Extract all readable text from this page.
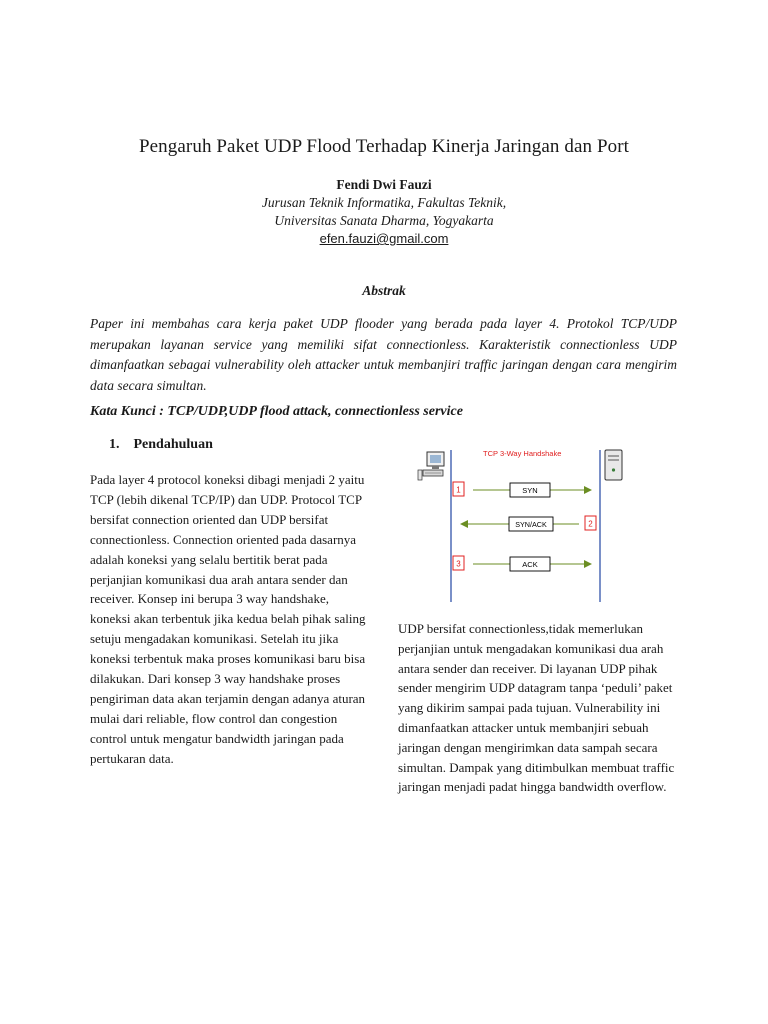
Pengaruh Paket UDP Flood Terhadap Kinerja Jaringan dan Port
Fendi Dwi Fauzi
Jurusan Teknik Informatika, Fakultas Teknik,
Universitas Sanata Dharma, Yogyakarta
efen.fauzi@gmail.com
Abstrak
Paper ini membahas cara kerja paket UDP flooder yang berada pada layer 4. Protokol TCP/UDP merupakan layanan service yang memiliki sifat connectionless. Karakteristik connectionless UDP dimanfaatkan sebagai vulnerability oleh attacker untuk membanjiri traffic jaringan dengan cara mengirim data secara simultan.
Kata Kunci : TCP/UDP,UDP flood attack, connectionless service
1. Pendahuluan

Pada layer 4 protocol koneksi dibagi menjadi 2 yaitu TCP (lebih dikenal TCP/IP) dan UDP. Protocol TCP bersifat connection oriented dan UDP bersifat connectionless. Connection oriented pada dasarnya adalah koneksi yang selalu bertitik berat pada perjanjian komunikasi dua arah antara sender dan receiver. Konsep ini berupa 3 way handshake, koneksi akan terbentuk jika kedua belah pihak saling setuju mengadakan komunikasi. Setelah itu jika koneksi terbentuk maka proses komunikasi baru bisa dilakukan. Dari konsep 3 way handshake proses pengiriman data akan terjamin dengan adanya aturan mulai dari reliable, flow control dan congestion control untuk mengatur bandwidth jaringan pada pertukaran data.

TCP 3-Way Handshake
1	SYN
2
SYN/ACK
3	ACK

UDP bersifat connectionless,tidak memerlukan perjanjian untuk mengadakan komunikasi dua arah antara sender dan receiver. Di layanan UDP pihak sender mengirim UDP datagram tanpa ‘peduli’ paket yang dikirim sampai pada tujuan. Vulnerability ini dimanfaatkan attacker untuk membanjiri sebuah jaringan dengan mengirimkan data sampah secara simultan. Dampak yang ditimbulkan membuat traffic jaringan menjadi padat hingga bandwidth overflow.
